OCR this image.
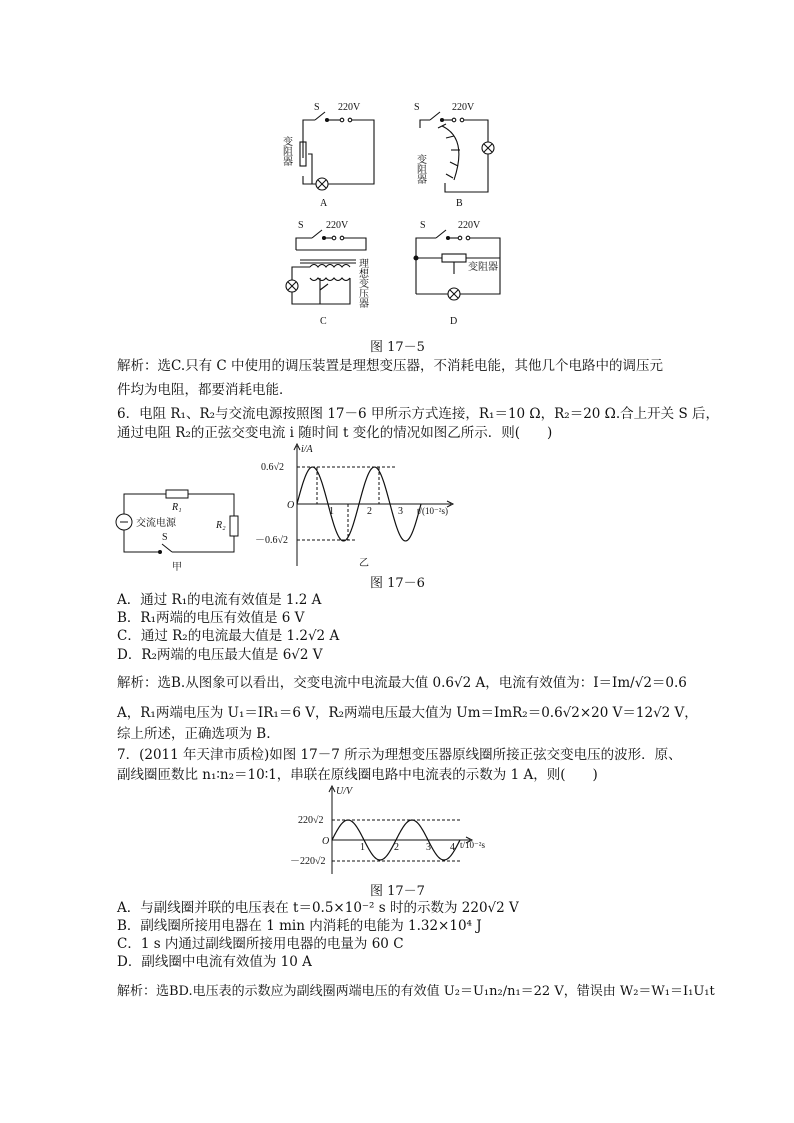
S 220V
变阻器
A
S	220V
变阻器
B
S 220V
理想变压器
C
S	220V
变阻器
D
图 17－5
解析：选C.只有 C 中使用的调压装置是理想变压器，不消耗电能，其他几个电路中的调压元
件均为电阻，都要消耗电能．
6．电阻 R₁、R₂与交流电源按照图 17－6 甲所示方式连接，R₁＝10 Ω，R₂＝20 Ω.合上开关 S 后，
通过电阻 R₂的正弦交变电流 i 随时间 t 变化的情况如图乙所示．则(　　)
R₁
R₂
交流电源
S
甲
i/A
0.6√2
－0.6√2
O
1	2	3 t/(10⁻²s)
乙
图 17－6
A．通过 R₁的电流有效值是 1.2 A
B．R₁两端的电压有效值是 6 V
C．通过 R₂的电流最大值是 1.2√2 A
D．R₂两端的电压最大值是 6√2 V
解析：选B.从图象可以看出，交变电流中电流最大值 0.6√2 A，电流有效值为：I＝Im/√2＝0.6
A，R₁两端电压为 U₁＝IR₁＝6 V，R₂两端电压最大值为 Um＝ImR₂＝0.6√2×20 V＝12√2 V，
综上所述，正确选项为 B.
7．(2011 年天津市质检)如图 17－7 所示为理想变压器原线圈所接正弦交变电压的波形．原、
副线圈匝数比 n₁∶n₂＝10∶1，串联在原线圈电路中电流表的示数为 1 A，则(　　)
U/V
220√2
－220√2
O
1	2	3 4 t/10⁻²s
图 17－7
A．与副线圈并联的电压表在 t＝0.5×10⁻² s 时的示数为 220√2 V
B．副线圈所接用电器在 1 min 内消耗的电能为 1.32×10⁴ J
C．1 s 内通过副线圈所接用电器的电量为 60 C
D．副线圈中电流有效值为 10 A
解析：选BD.电压表的示数应为副线圈两端电压的有效值 U₂＝U₁n₂/n₁＝22 V，错误由 W₂＝W₁＝I₁U₁t
